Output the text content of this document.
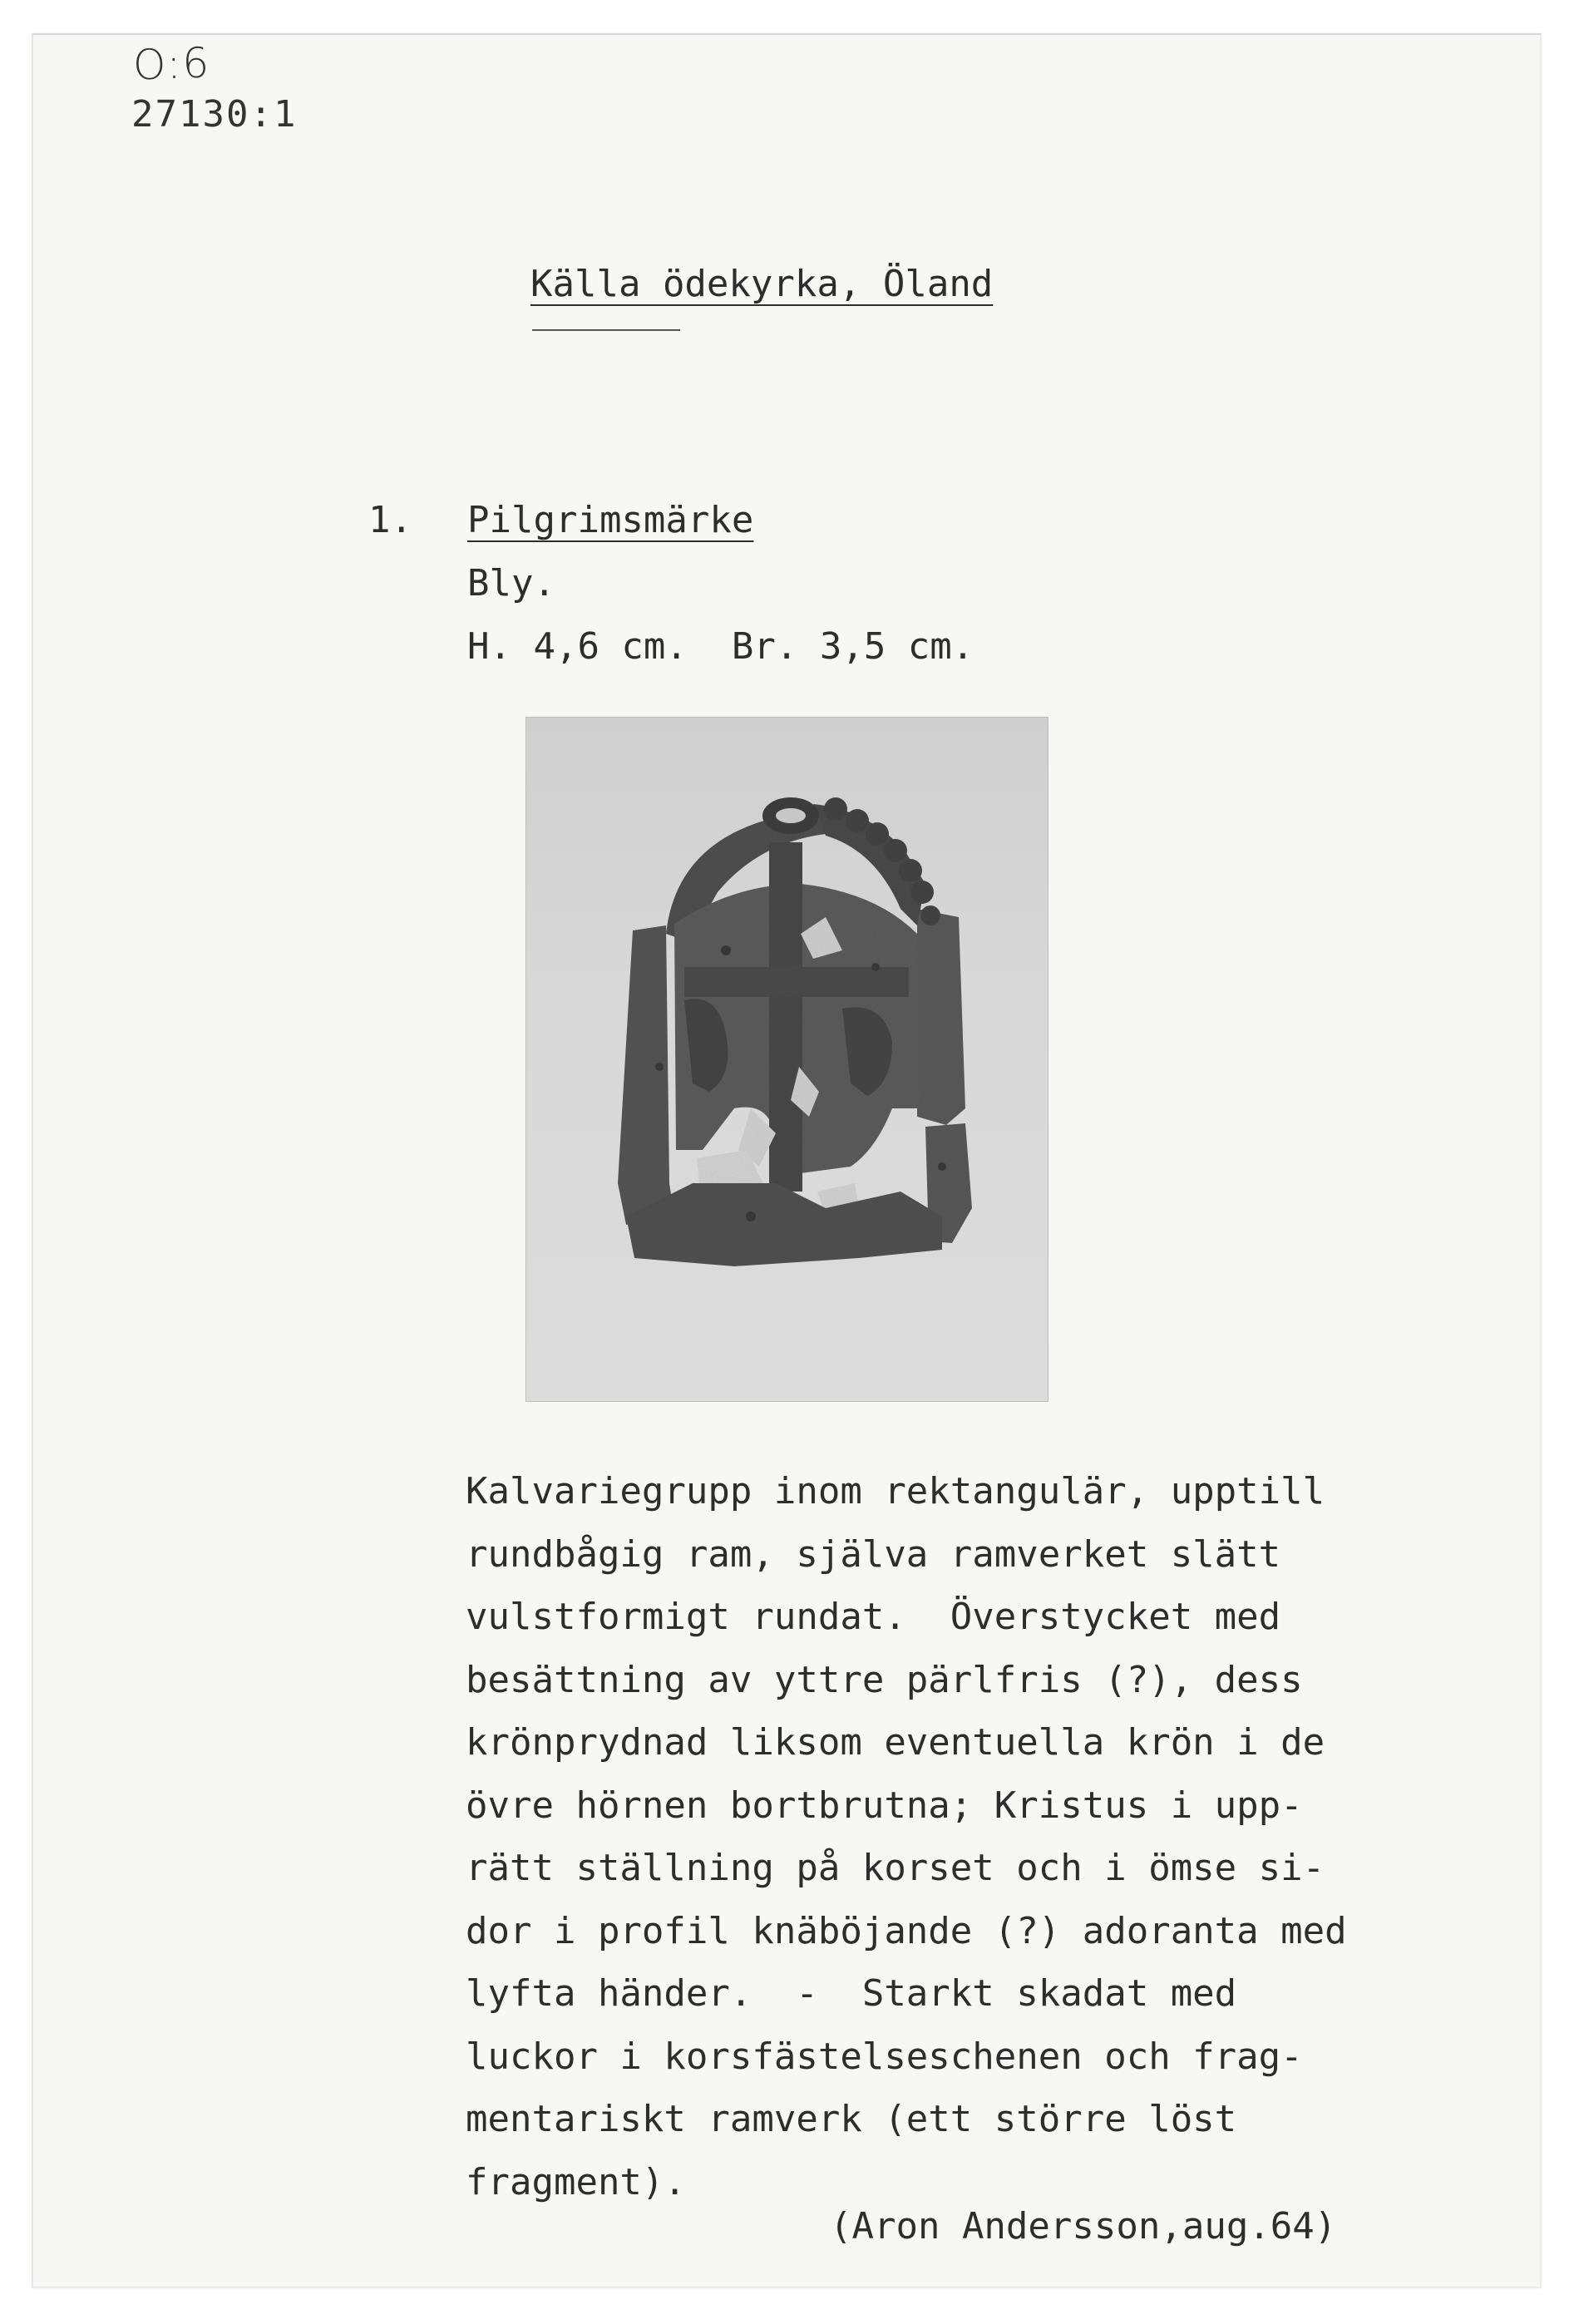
O:6
27130:1
Källa ödekyrka, Öland
1. Pilgrimsmärke
Bly.
H. 4,6 cm.  Br. 3,5 cm.
Kalvariegrupp inom rektangulär, upptill
rundbågig ram, själva ramverket slätt
vulstformigt rundat.  Överstycket med
besättning av yttre pärlfris (?), dess
krönprydnad liksom eventuella krön i de
övre hörnen bortbrutna; Kristus i upp-
rätt ställning på korset och i ömse si-
dor i profil knäböjande (?) adoranta med
lyfta händer.  -  Starkt skadat med
luckor i korsfästelseschenen och frag-
mentariskt ramverk (ett större löst
fragment).
(Aron Andersson,aug.64)
